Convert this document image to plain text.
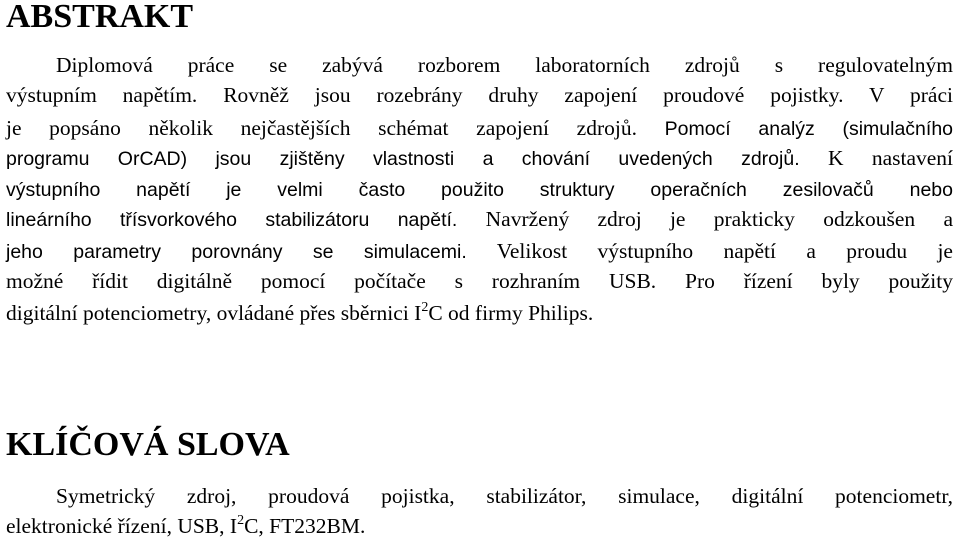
ABSTRAKT

Diplomová práce se zabývá rozborem laboratorních zdrojů s regulovatelným

výstupním napětím. Rovněž jsou rozebrány druhy zapojení proudové pojistky. V práci

je popsáno několik nejčastějších schémat zapojení zdrojů. Pomocí analýz (simulačního

programu OrCAD) jsou zjištěny vlastnosti a chování uvedených zdrojů. K nastavení

výstupního napětí je velmi často použito struktury operačních zesilovačů nebo

lineárního třísvorkového stabilizátoru napětí. Navržený zdroj je prakticky odzkoušen a

jeho parametry porovnány se simulacemi. Velikost výstupního napětí a proudu je

možné řídit digitálně pomocí počítače s rozhraním USB. Pro řízení byly použity

digitální potenciometry, ovládané přes sběrnici $I^2C$ od firmy Philips.

KLÍČOVÁ SLOVA

Symetrický zdroj, proudová pojistka, stabilizátor, simulace, digitální potenciometr,

elektronické řízení, USB, $I^2C$, FT232BM.
